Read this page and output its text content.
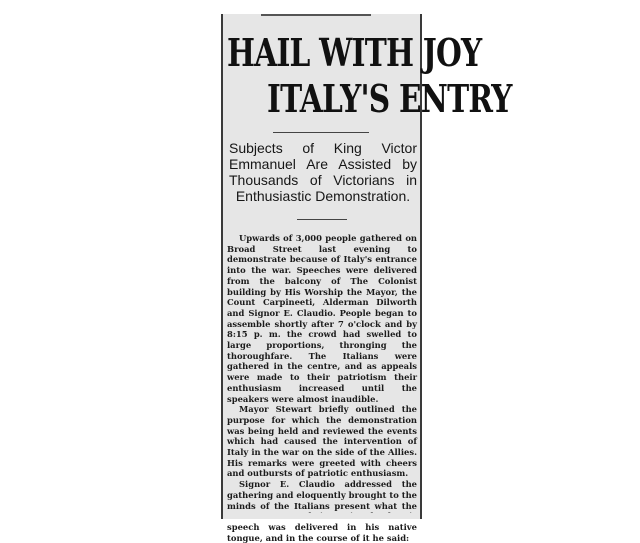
HAIL WITH JOY
ITALY'S ENTRY
Subjects of King Victor Emmanuel Are Assisted by Thousands of Victorians in Enthusiastic Demonstration.

Upwards of 3,000 people gathered on Broad Street last evening to demonstrate because of Italy's entrance into the war. Speeches were delivered from the balcony of The Colonist building by His Worship the Mayor, the Count Carpineeti, Alderman Dilworth and Signor E. Claudio. People began to assemble shortly after 7 o'clock and by 8:15 p. m. the crowd had swelled to large proportions, thronging the thoroughfare. The Italians were gathered in the centre, and as appeals were made to their patriotism their enthusiasm increased until the speakers were almost inaudible.

Mayor Stewart briefly outlined the purpose for which the demonstration was being held and reviewed the events which had caused the intervention of Italy in the war on the side of the Allies. His remarks were greeted with cheers and outbursts of patriotic enthusiasm.

Signor E. Claudio addressed the gathering and eloquently brought to the minds of the Italians present what the speech was delivered in his native tongue, and in the course of it he said:
